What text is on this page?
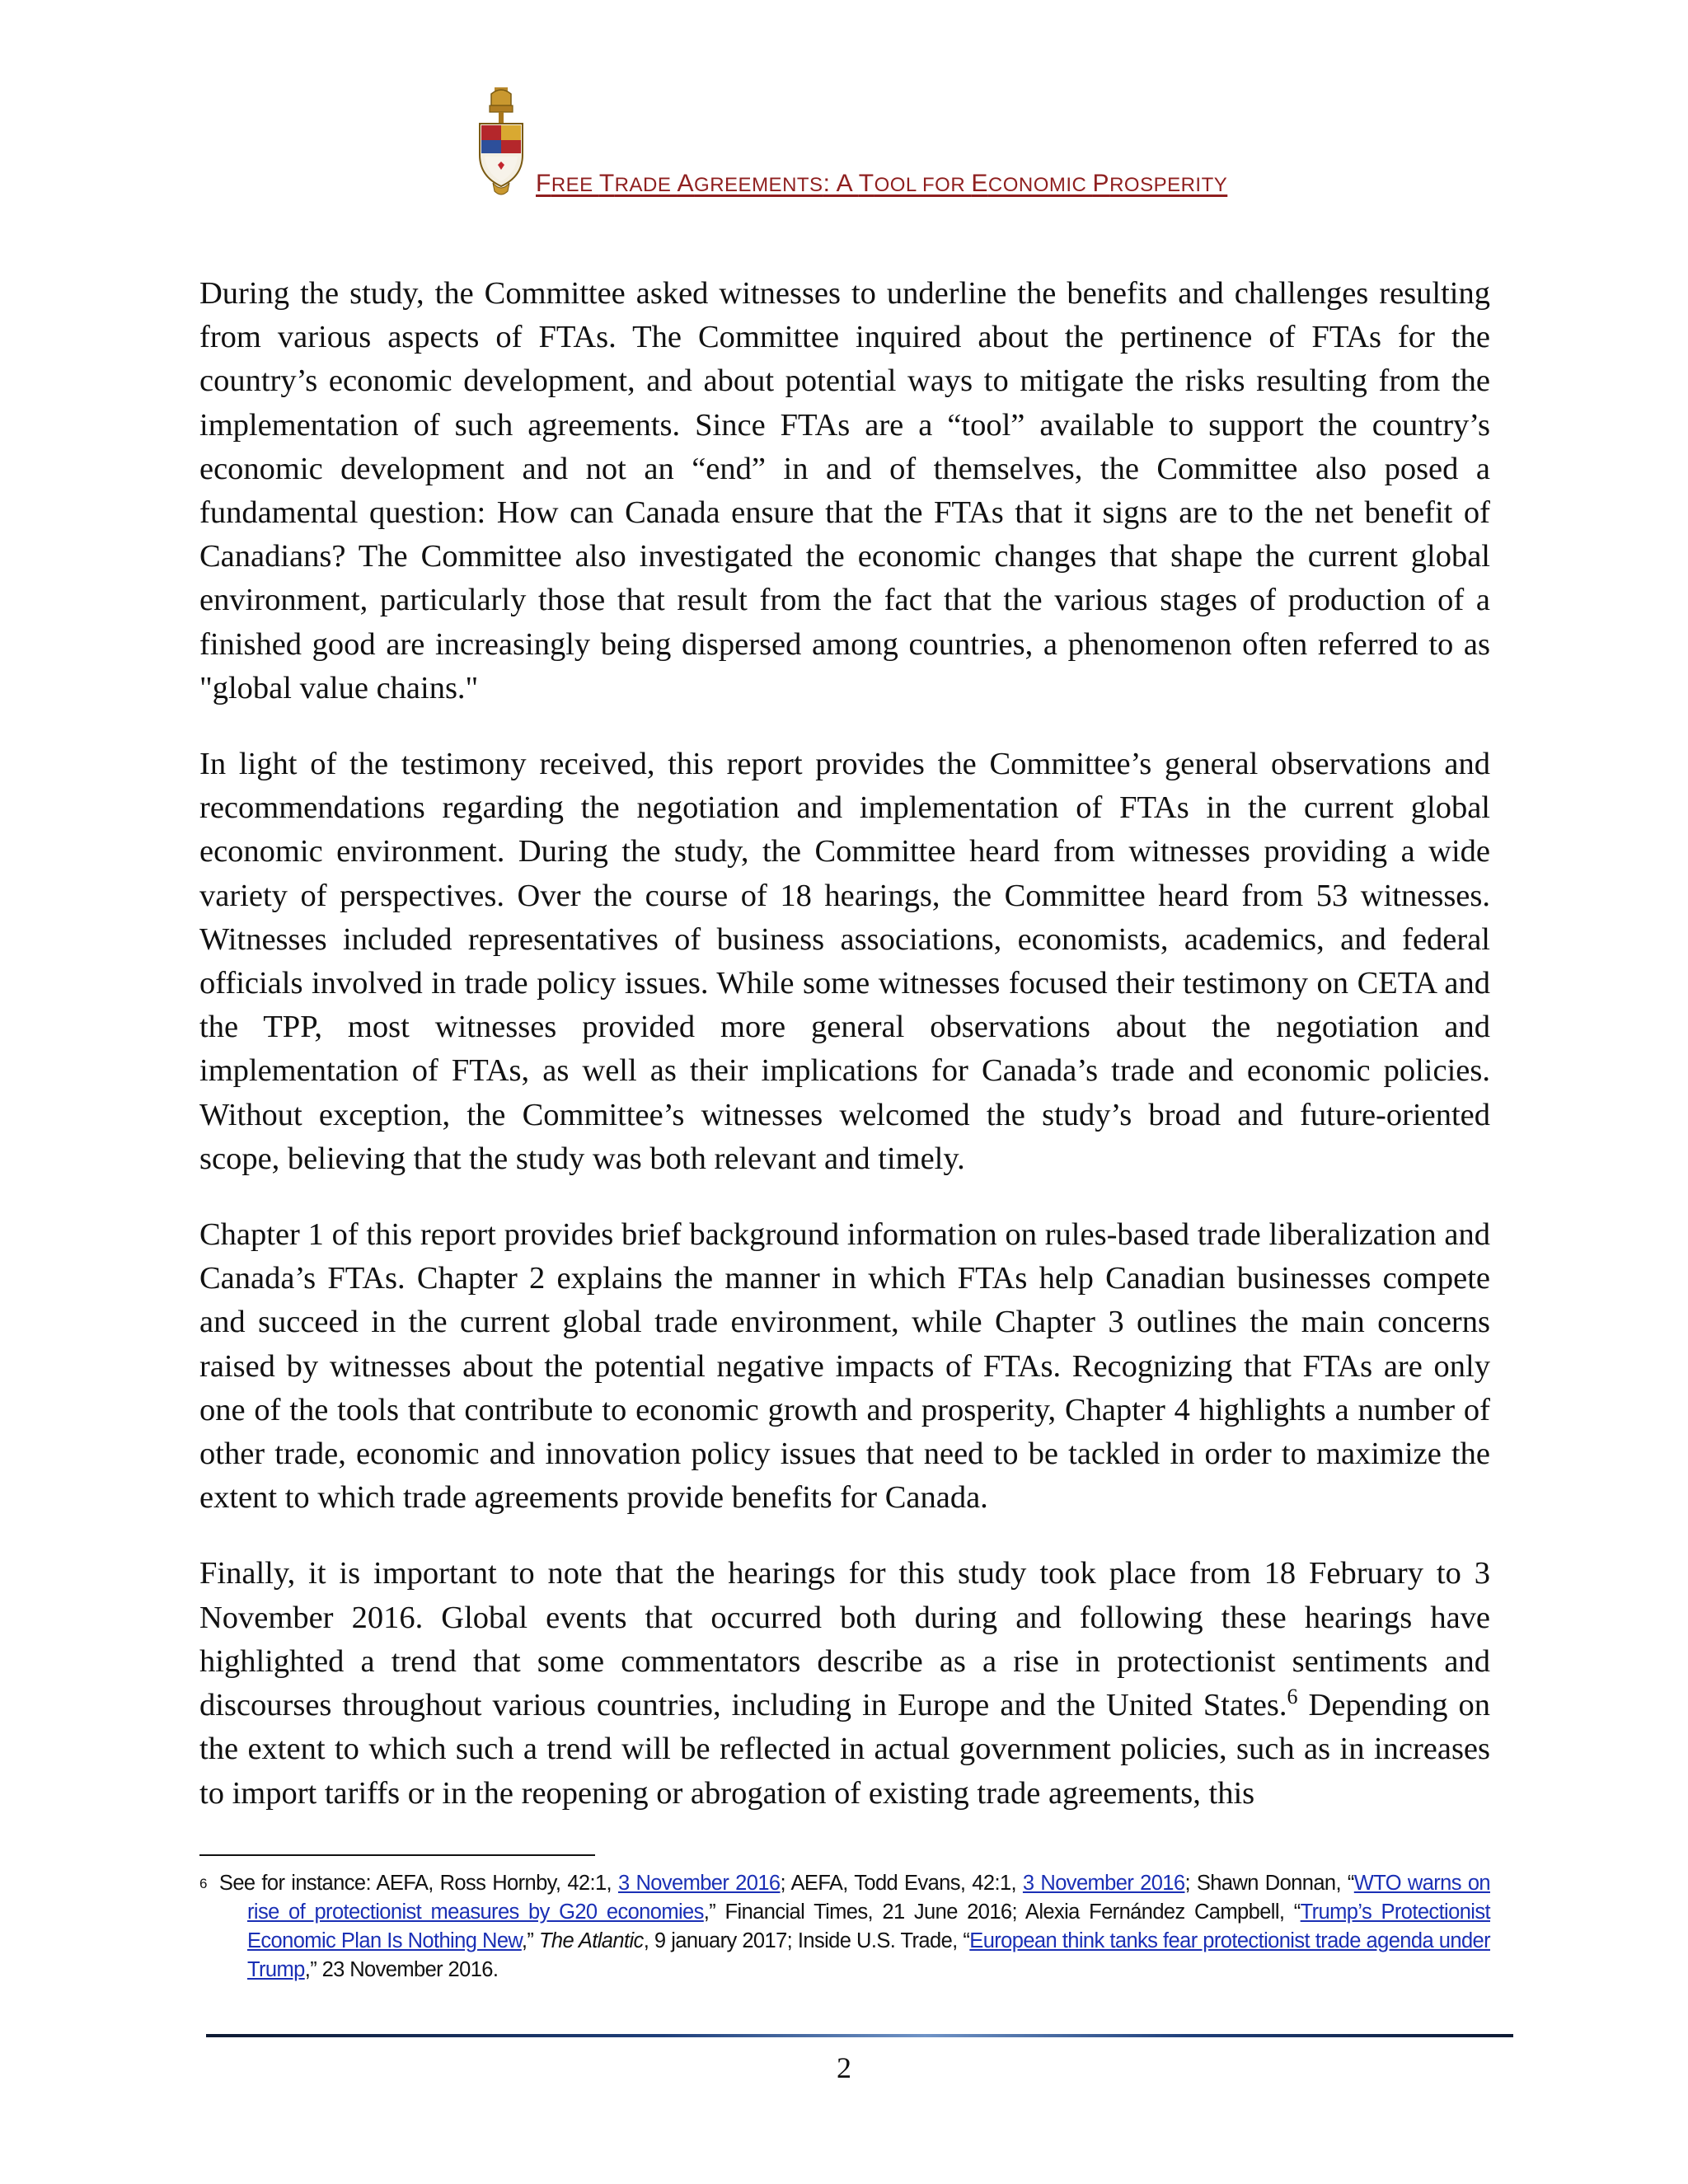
FREE TRADE AGREEMENTS: A TOOL FOR ECONOMIC PROSPERITY

During the study, the Committee asked witnesses to underline the benefits and challenges resulting from various aspects of FTAs. The Committee inquired about the pertinence of FTAs for the country’s economic development, and about potential ways to mitigate the risks resulting from the implementation of such agreements. Since FTAs are a “tool” available to support the country’s economic development and not an “end” in and of themselves, the Committee also posed a fundamental question: How can Canada ensure that the FTAs that it signs are to the net benefit of Canadians? The Committee also investigated the economic changes that shape the current global environment, particularly those that result from the fact that the various stages of production of a finished good are increasingly being dispersed among countries, a phenomenon often referred to as "global value chains."

In light of the testimony received, this report provides the Committee’s general observations and recommendations regarding the negotiation and implementation of FTAs in the current global economic environment. During the study, the Committee heard from witnesses providing a wide variety of perspectives. Over the course of 18 hearings, the Committee heard from 53 witnesses. Witnesses included representatives of business associations, economists, academics, and federal officials involved in trade policy issues. While some witnesses focused their testimony on CETA and the TPP, most witnesses provided more general observations about the negotiation and implementation of FTAs, as well as their implications for Canada’s trade and economic policies. Without exception, the Committee’s witnesses welcomed the study’s broad and future-oriented scope, believing that the study was both relevant and timely.

Chapter 1 of this report provides brief background information on rules-based trade liberalization and Canada’s FTAs. Chapter 2 explains the manner in which FTAs help Canadian businesses compete and succeed in the current global trade environment, while Chapter 3 outlines the main concerns raised by witnesses about the potential negative impacts of FTAs. Recognizing that FTAs are only one of the tools that contribute to economic growth and prosperity, Chapter 4 highlights a number of other trade, economic and innovation policy issues that need to be tackled in order to maximize the extent to which trade agreements provide benefits for Canada.

Finally, it is important to note that the hearings for this study took place from 18 February to 3 November 2016. Global events that occurred both during and following these hearings have highlighted a trend that some commentators describe as a rise in protectionist sentiments and discourses throughout various countries, including in Europe and the United States.$^6$ Depending on the extent to which such a trend will be reflected in actual government policies, such as in increases to import tariffs or in the reopening or abrogation of existing trade agreements, this

6 See for instance: AEFA, Ross Hornby, 42:1, 3 November 2016; AEFA, Todd Evans, 42:1, 3 November 2016; Shawn Donnan, “WTO warns on rise of protectionist measures by G20 economies,” Financial Times, 21 June 2016; Alexia Fernández Campbell, “Trump’s Protectionist Economic Plan Is Nothing New,” The Atlantic, 9 january 2017; Inside U.S. Trade, “European think tanks fear protectionist trade agenda under Trump,” 23 November 2016.
2
